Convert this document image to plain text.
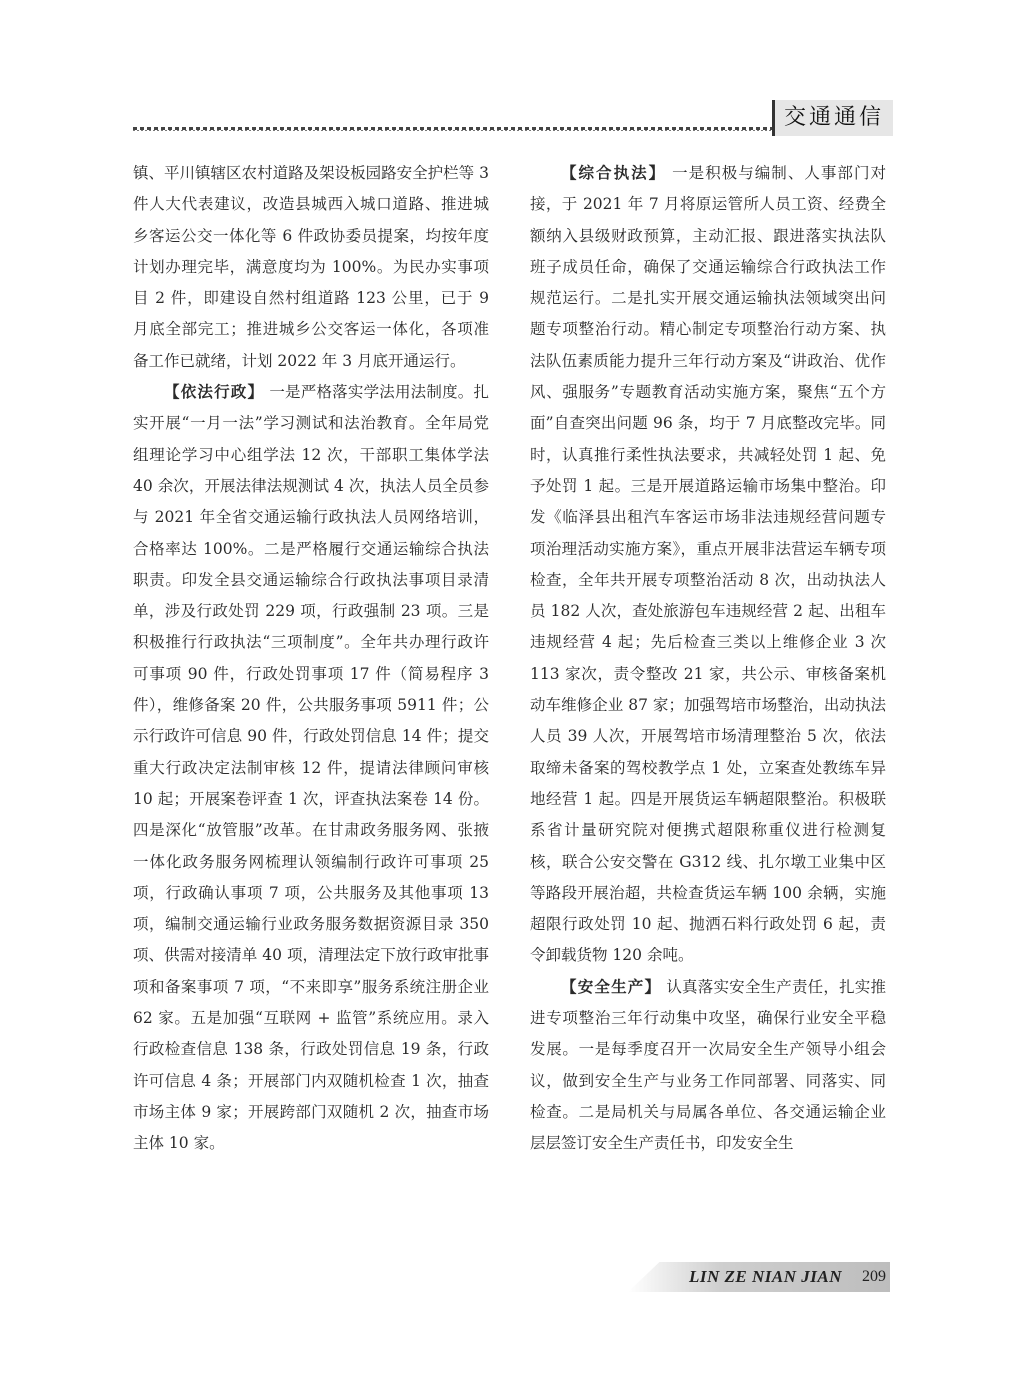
交通通信

镇、平川镇辖区农村道路及架设板园路安全护栏等 3 件人大代表建议，改造县城西入城口道路、推进城乡客运公交一体化等 6 件政协委员提案，均按年度计划办理完毕，满意度均为 100%。为民办实事项目 2 件，即建设自然村组道路 123 公里，已于 9 月底全部完工；推进城乡公交客运一体化，各项准备工作已就绪，计划 2022 年 3 月底开通运行。

【依法行政】 一是严格落实学法用法制度。扎实开展“一月一法”学习测试和法治教育。全年局党组理论学习中心组学法 12 次，干部职工集体学法 40 余次，开展法律法规测试 4 次，执法人员全员参与 2021 年全省交通运输行政执法人员网络培训，合格率达 100%。二是严格履行交通运输综合执法职责。印发全县交通运输综合行政执法事项目录清单，涉及行政处罚 229 项，行政强制 23 项。三是积极推行行政执法“三项制度”。全年共办理行政许可事项 90 件，行政处罚事项 17 件（简易程序 3 件），维修备案 20 件，公共服务事项 5911 件；公示行政许可信息 90 件，行政处罚信息 14 件；提交重大行政决定法制审核 12 件，提请法律顾问审核 10 起；开展案卷评查 1 次，评查执法案卷 14 份。四是深化“放管服”改革。在甘肃政务服务网、张掖一体化政务服务网梳理认领编制行政许可事项 25 项，行政确认事项 7 项，公共服务及其他事项 13 项，编制交通运输行业政务服务数据资源目录 350 项、供需对接清单 40 项，清理法定下放行政审批事项和备案事项 7 项，“不来即享”服务系统注册企业 62 家。五是加强“互联网 + 监管”系统应用。录入行政检查信息 138 条，行政处罚信息 19 条，行政许可信息 4 条；开展部门内双随机检查 1 次，抽查市场主体 9 家；开展跨部门双随机 2 次，抽查市场主体 10 家。

【综合执法】 一是积极与编制、人事部门对接，于 2021 年 7 月将原运管所人员工资、经费全额纳入县级财政预算，主动汇报、跟进落实执法队班子成员任命，确保了交通运输综合行政执法工作规范运行。二是扎实开展交通运输执法领域突出问题专项整治行动。精心制定专项整治行动方案、执法队伍素质能力提升三年行动方案及“讲政治、优作风、强服务”专题教育活动实施方案，聚焦“五个方面”自查突出问题 96 条，均于 7 月底整改完毕。同时，认真推行柔性执法要求，共减轻处罚 1 起、免予处罚 1 起。三是开展道路运输市场集中整治。印发《临泽县出租汽车客运市场非法违规经营问题专项治理活动实施方案》，重点开展非法营运车辆专项检查，全年共开展专项整治活动 8 次，出动执法人员 182 人次，查处旅游包车违规经营 2 起、出租车违规经营 4 起；先后检查三类以上维修企业 3 次 113 家次，责令整改 21 家，共公示、审核备案机动车维修企业 87 家；加强驾培市场整治，出动执法人员 39 人次，开展驾培市场清理整治 5 次，依法取缔未备案的驾校教学点 1 处，立案查处教练车异地经营 1 起。四是开展货运车辆超限整治。积极联系省计量研究院对便携式超限称重仪进行检测复核，联合公安交警在 G312 线、扎尔墩工业集中区等路段开展治超，共检查货运车辆 100 余辆，实施超限行政处罚 10 起、抛洒石料行政处罚 6 起，责令卸载货物 120 余吨。

【安全生产】 认真落实安全生产责任，扎实推进专项整治三年行动集中攻坚，确保行业安全平稳发展。一是每季度召开一次局安全生产领导小组会议，做到安全生产与业务工作同部署、同落实、同检查。二是局机关与局属各单位、各交通运输企业层层签订安全生产责任书，印发安全生

LIN ZE NIAN JIAN 209
